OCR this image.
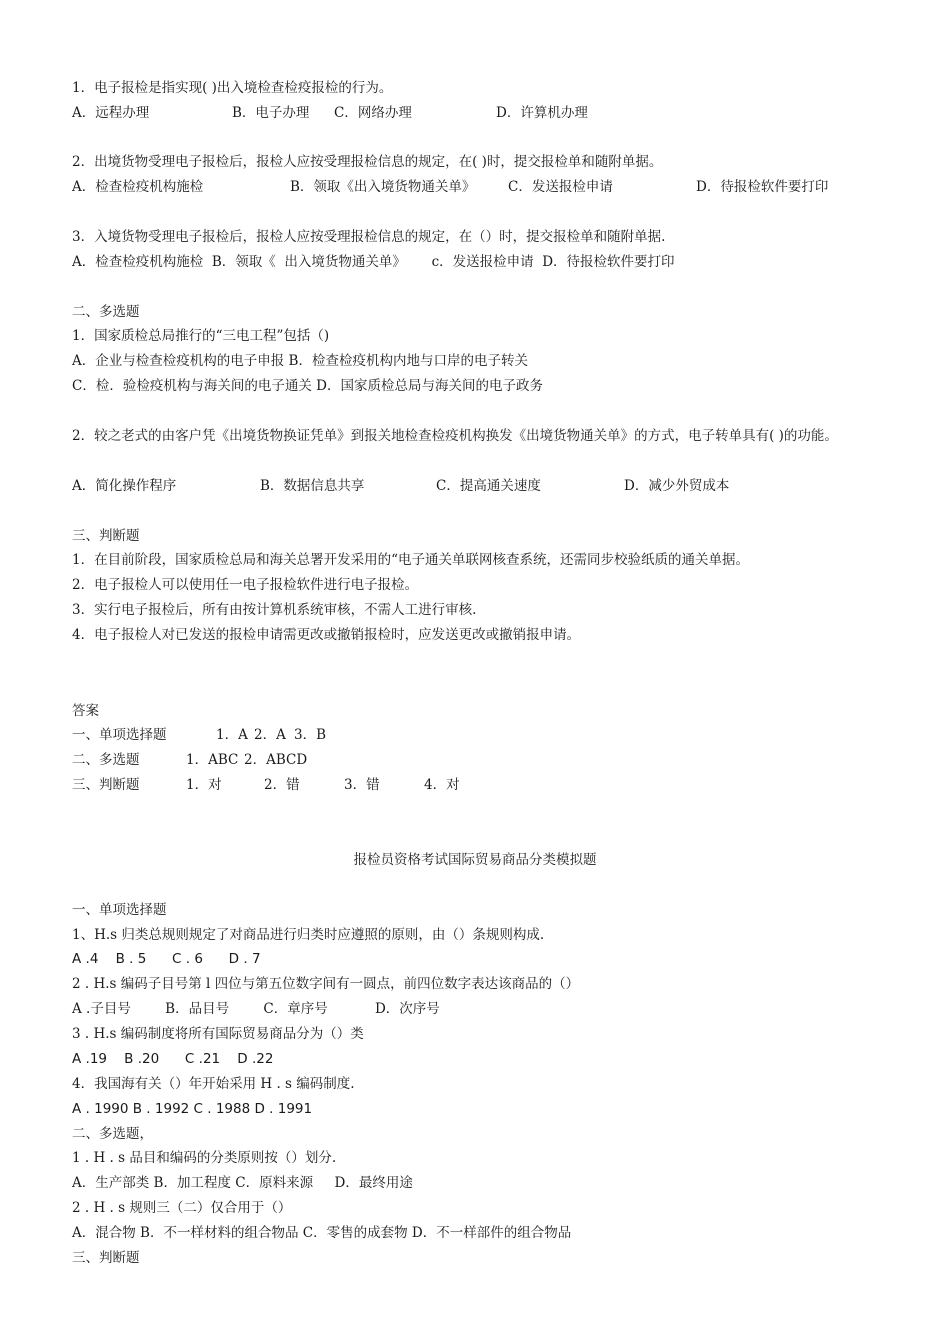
1．电子报检是指实现( )出入境检查检疫报检的行为。
A．远程办理	B．电子办理 C．网络办理	D．许算机办理
2．出境货物受理电子报检后，报检人应按受理报检信息的规定，在( )时，提交报检单和随附单据。
A．检查检疫机构施检	B．领取《出入境货物通关单》 C．发送报检申请	D．待报检软件要打印
3．入境货物受理电子报检后，报检人应按受理报检信息的规定，在（）时，提交报检单和随附单据.
A．检查检疫机构施检  B．领取《  出入境货物通关单》      c．发送报检申请  D．待报检软件要打印
二、多选题
1．国家质检总局推行的“三电工程”包括（)
A．企业与检查检疫机构的电子申报 B．检查检疫机构内地与口岸的电子转关
C．检．验检疫机构与海关间的电子通关 D．国家质检总局与海关间的电子政务
2．较之老式的由客户凭《出境货物换证凭单》到报关地检查检疫机构换发《出境货物通关单》的方式，电子转单具有( )的功能。
A．简化操作程序	B．数据信息共享	C．提高通关速度	D．减少外贸成本
三、判断题
1．在目前阶段，国家质检总局和海关总署开发采用的“电子通关单联网核查系统，还需同步校验纸质的通关单据。
2．电子报检人可以使用任一电子报检软件进行电子报检。
3．实行电子报检后，所有由按计算机系统审核，不需人工进行审核.
4．电子报检人对已发送的报检申请需更改或撤销报检时，应发送更改或撤销报申请。
答案
一、单项选择题	1．A 2．A 3．B
二、多选题	1．ABC 2．ABCD
三、判断题	1．对	2．错	3．错	4．对
报检员资格考试国际贸易商品分类模拟题
一、单项选择题
1、H.s 归类总规则规定了对商品进行归类时应遵照的原则，由（）条规则构成.
A .4    B . 5      C . 6      D . 7
2 . H.s 编码子目号第 l 四位与第五位数字间有一圆点，前四位数字表达该商品的（）
A .子目号        B．品目号        C．章序号           D．次序号
3 . H.s 编码制度将所有国际贸易商品分为（）类
A .19    B .20      C .21    D .22
4．我国海有关（）年开始采用 H . s 编码制度.
A . 1990 B . 1992 C . 1988 D . 1991
二、多选题，
1 . H . s 品目和编码的分类原则按（）划分.
A．生产部类 B．加工程度 C．原料来源     D．最终用途
2 . H . s 规则三（二）仅合用于（）
A．混合物 B．不一样材料的组合物品 C．零售的成套物 D．不一样部件的组合物品
三、判断题
